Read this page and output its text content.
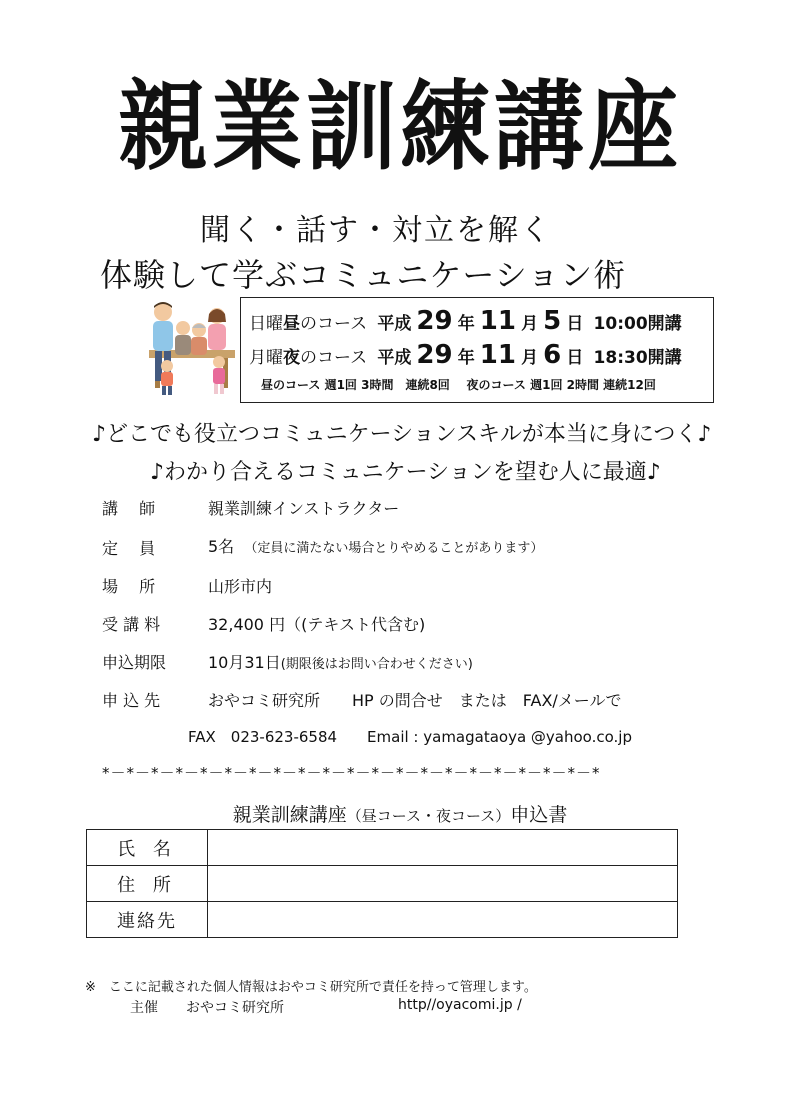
親業訓練講座
聞く・話す・対立を解く
体験して学ぶコミュニケーション術
日曜昼のコース 平成 29 年 11 月 5 日 10:00開講
月曜夜のコース 平成 29 年 11 月 6 日 18:30開講
昼のコース 週1回 3時間　連続8回 夜のコース 週1回 2時間 連続12回
♪どこでも役立つコミュニケーションスキルが本当に身につく♪
♪わかり合えるコミュニケーションを望む人に最適♪
講　 師	親業訓練インストラクター
定　 員	5名 （定員に満たない場合とりやめることがあります）
場　 所	山形市内
受 講 料	32,400 円（(テキスト代含む)
申込期限	10月31日(期限後はお問い合わせください)
申 込 先	おやコミ研究所　　HP の問合せ　または　FAX/メールで
FAX　023-623-6584　　Email : yamagataoya @yahoo.co.jp
*－*－*－*－*－*－*－*－*－*－*－*－*－*－*－*－*－*－*－*－*
親業訓練講座（昼コース・夜コース）申込書
氏 名	
住 所	
連絡先	
※　ここに記載された個人情報はおやコミ研究所で責任を持って管理します。
主催　　おやコミ研究所	http//oyacomi.jp /
